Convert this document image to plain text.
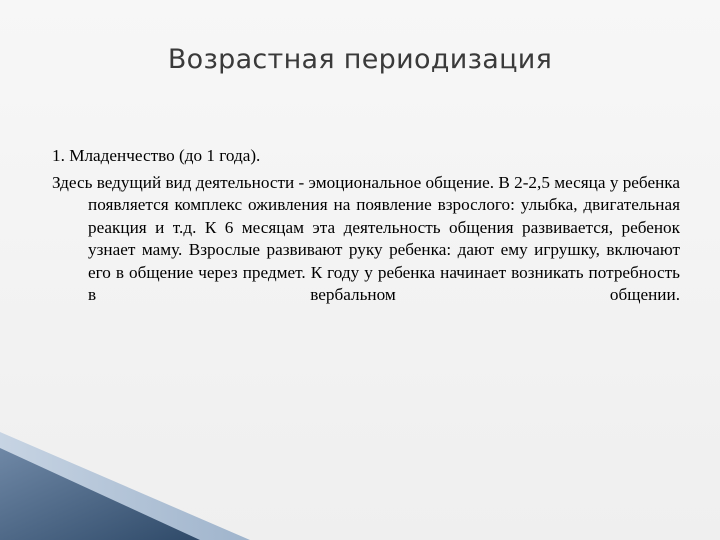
Возрастная периодизация

1. Младенчество (до 1 года).

Здесь ведущий вид деятельности - эмоциональное общение. В 2-2,5 месяца у ребенка появляется комплекс оживления на появление взрослого: улыбка, двигательная реакция и т.д. К 6 месяцам эта деятельность общения развивается, ребенок узнает маму. Взрослые развивают руку ребенка: дают ему игрушку, включают его в общение через предмет. К году у ребенка начинает возникать потребность в вербальном общении.
